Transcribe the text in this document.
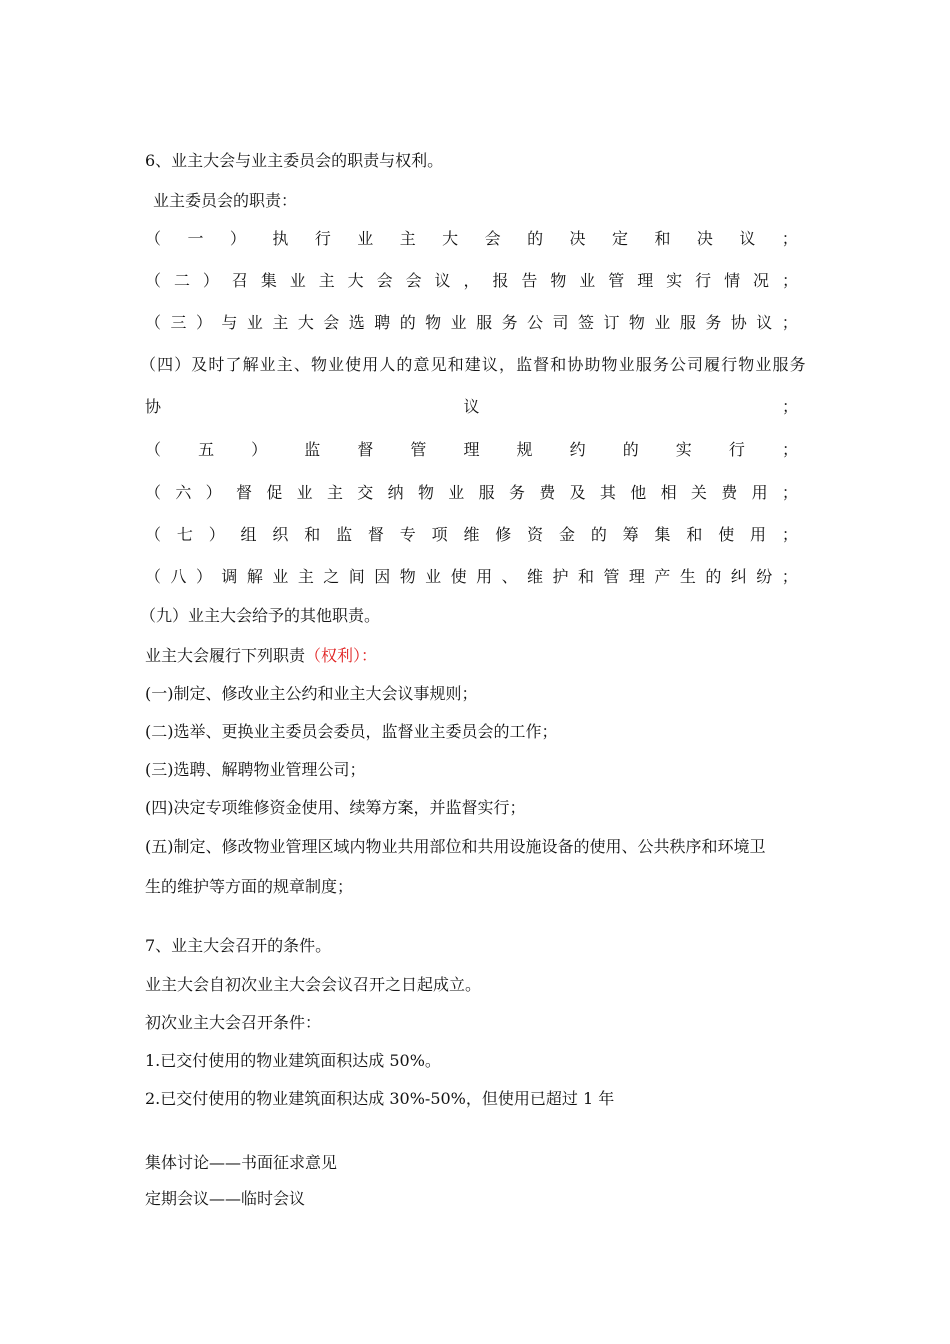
6、业主大会与业主委员会的职责与权利。
业主委员会的职责：
（ 一 ） 执 行 业 主 大 会 的 决 定 和 决 议 ；
（ 二 ） 召 集 业 主 大 会 会 议 ， 报 告 物 业 管 理 实 行 情 况 ；
（ 三 ） 与 业 主 大 会 选 聘 的 物 业 服 务 公 司 签 订 物 业 服 务 协 议 ；
（ 四 ） 及 时 了 解 业 主 、 物 业 使 用 人 的 意 见 和 建 议 ， 监 督 和 协 助 物 业 服 务 公 司 履 行 物 业 服 务
协	议	；
（ 五 ） 监 督 管 理 规 约 的 实 行 ；
（ 六 ） 督 促 业 主 交 纳 物 业 服 务 费 及 其 他 相 关 费 用 ；
（ 七 ） 组 织 和 监 督 专 项 维 修 资 金 的 筹 集 和 使 用 ；
（ 八 ） 调 解 业 主 之 间 因 物 业 使 用 、 维 护 和 管 理 产 生 的 纠 纷 ；
（九）业主大会给予的其他职责。
业主大会履行下列职责（权利）：
(一)制定、修改业主公约和业主大会议事规则；
(二)选举、更换业主委员会委员，监督业主委员会的工作；
(三)选聘、解聘物业管理公司；
(四)决定专项维修资金使用、续筹方案，并监督实行；
(五)制定、修改物业管理区域内物业共用部位和共用设施设备的使用、公共秩序和环境卫
生的维护等方面的规章制度；
7、业主大会召开的条件。
业主大会自初次业主大会会议召开之日起成立。
初次业主大会召开条件：
1.已交付使用的物业建筑面积达成 50%。
2.已交付使用的物业建筑面积达成 30%-50%，但使用已超过 1 年
集体讨论——书面征求意见
定期会议——临时会议
